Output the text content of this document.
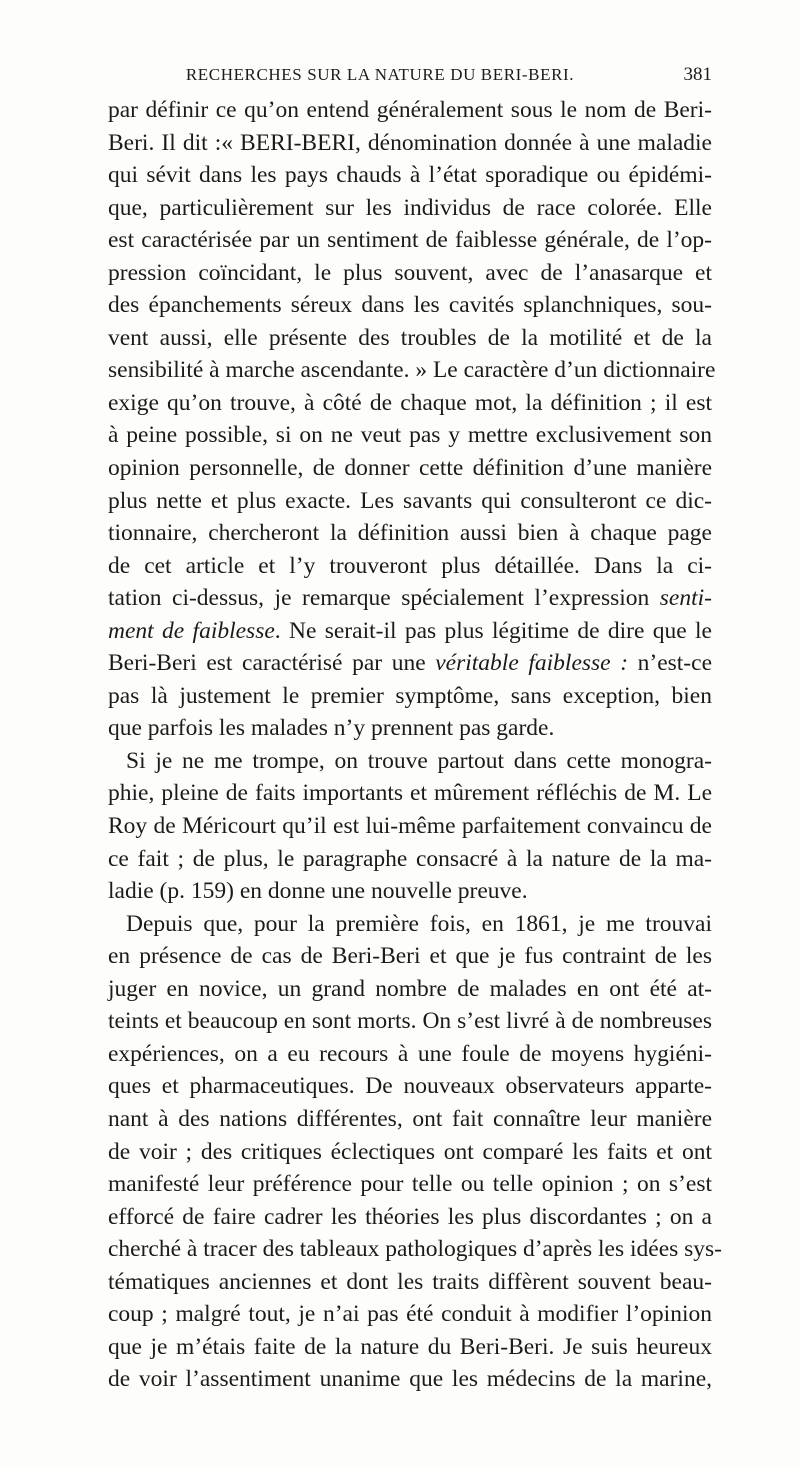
RECHERCHES SUR LA NATURE DU BERI-BERI.	381
par définir ce qu’on entend généralement sous le nom de Beri-
Beri. Il dit :« BERI-BERI, dénomination donnée à une maladie
qui sévit dans les pays chauds à l’état sporadique ou épidémi-
que, particulièrement sur les individus de race colorée. Elle
est caractérisée par un sentiment de faiblesse générale, de l’op-
pression coïncidant, le plus souvent, avec de l’anasarque et
des épanchements séreux dans les cavités splanchniques, sou-
vent aussi, elle présente des troubles de la motilité et de la
sensibilité à marche ascendante. » Le caractère d’un dictionnaire
exige qu’on trouve, à côté de chaque mot, la définition ; il est
à peine possible, si on ne veut pas y mettre exclusivement son
opinion personnelle, de donner cette définition d’une manière
plus nette et plus exacte. Les savants qui consulteront ce dic-
tionnaire, chercheront la définition aussi bien à chaque page
de cet article et l’y trouveront plus détaillée. Dans la ci-
tation ci-dessus, je remarque spécialement l’expression senti-
ment de faiblesse. Ne serait-il pas plus légitime de dire que le
Beri-Beri est caractérisé par une véritable faiblesse : n’est-ce
pas là justement le premier symptôme, sans exception, bien
que parfois les malades n’y prennent pas garde.
Si je ne me trompe, on trouve partout dans cette monogra-
phie, pleine de faits importants et mûrement réfléchis de M. Le
Roy de Méricourt qu’il est lui-même parfaitement convaincu de
ce fait ; de plus, le paragraphe consacré à la nature de la ma-
ladie (p. 159) en donne une nouvelle preuve.
Depuis que, pour la première fois, en 1861, je me trouvai
en présence de cas de Beri-Beri et que je fus contraint de les
juger en novice, un grand nombre de malades en ont été at-
teints et beaucoup en sont morts. On s’est livré à de nombreuses
expériences, on a eu recours à une foule de moyens hygiéni-
ques et pharmaceutiques. De nouveaux observateurs apparte-
nant à des nations différentes, ont fait connaître leur manière
de voir ; des critiques éclectiques ont comparé les faits et ont
manifesté leur préférence pour telle ou telle opinion ; on s’est
efforcé de faire cadrer les théories les plus discordantes ; on a
cherché à tracer des tableaux pathologiques d’après les idées sys-
tématiques anciennes et dont les traits diffèrent souvent beau-
coup ; malgré tout, je n’ai pas été conduit à modifier l’opinion
que je m’étais faite de la nature du Beri-Beri. Je suis heureux
de voir l’assentiment unanime que les médecins de la marine,
